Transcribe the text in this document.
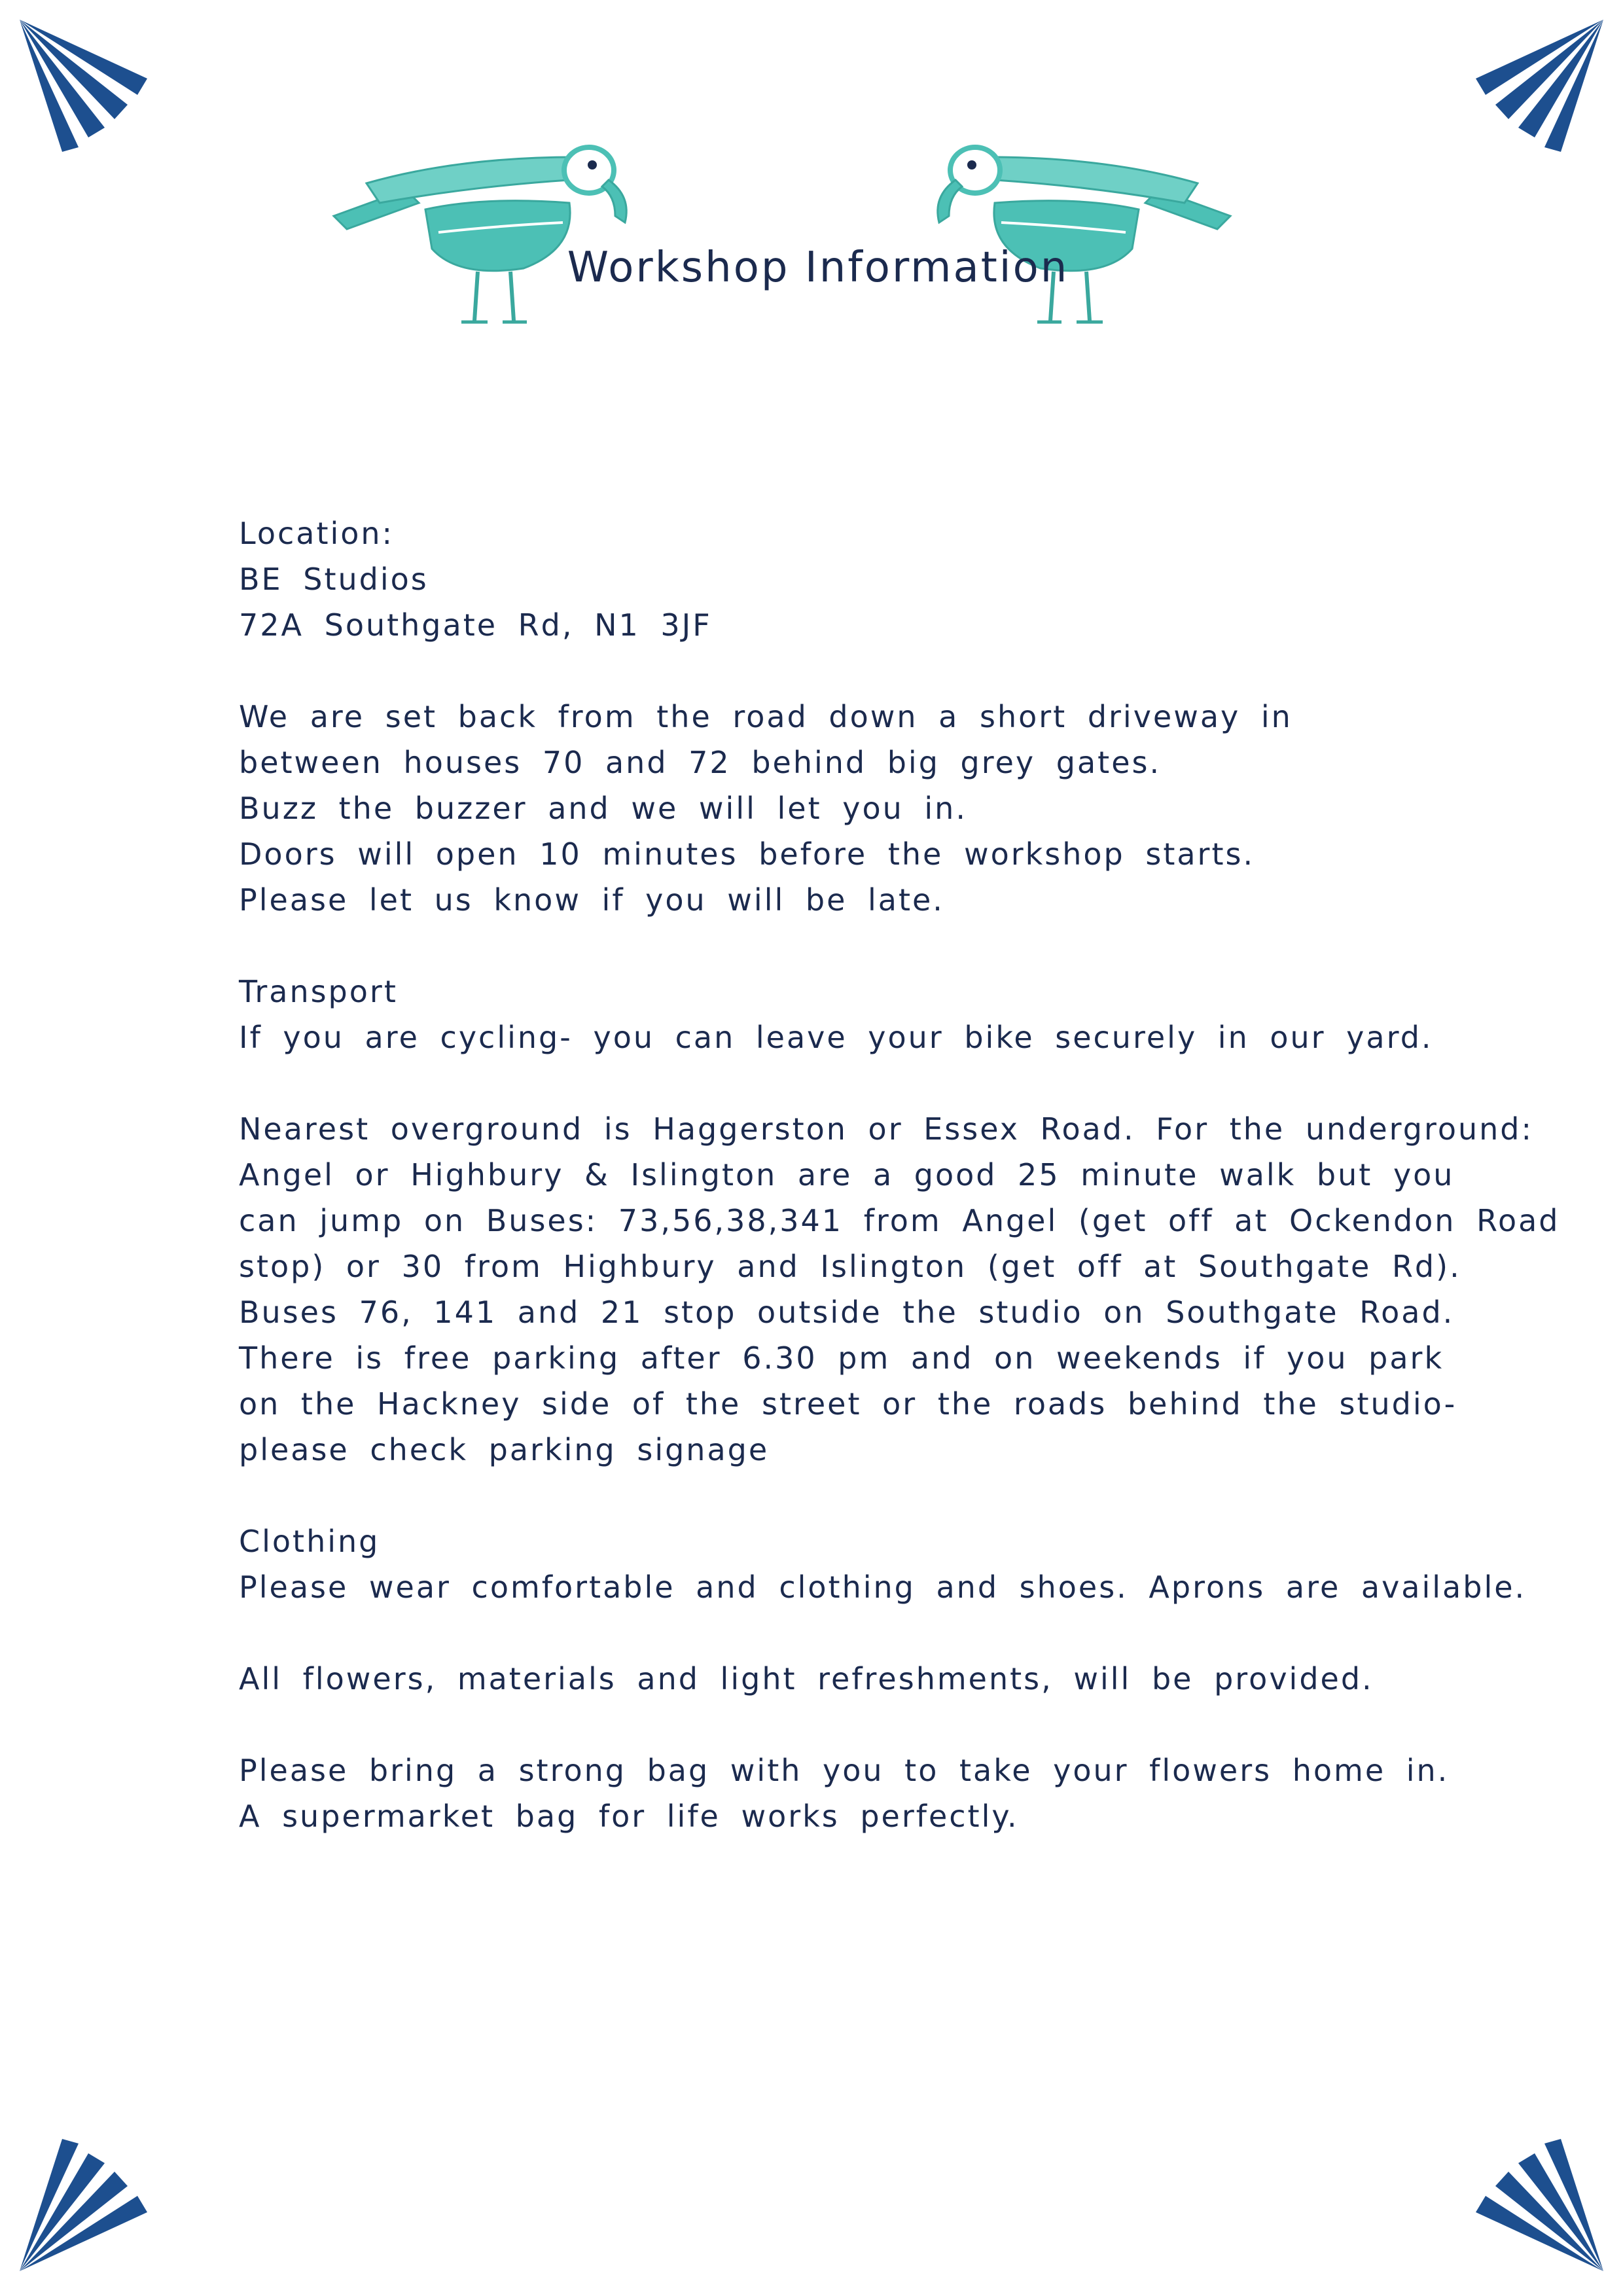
Workshop Information
Location:
BE Studios
72A Southgate Rd, N1 3JF
We are set back from the road down a short driveway in
between houses 70 and 72 behind big grey gates.
Buzz the buzzer and we will let you in.
Doors will open 10 minutes before the workshop starts.
Please let us know if you will be late.
Transport
If you are cycling- you can leave your bike securely in our yard.
Nearest overground is Haggerston or Essex Road. For the underground:
Angel or Highbury & Islington are a good 25 minute walk but you
can jump on Buses: 73,56,38,341 from Angel (get off at Ockendon Road
stop) or 30 from Highbury and Islington (get off at Southgate Rd).
Buses 76, 141 and 21 stop outside the studio on Southgate Road.
There is free parking after 6.30 pm and on weekends if you park
on the Hackney side of the street or the roads behind the studio-
please check parking signage
Clothing
Please wear comfortable and clothing and shoes. Aprons are available.
All flowers, materials and light refreshments, will be provided.
Please bring a strong bag with you to take your flowers home in.
A supermarket bag for life works perfectly.
